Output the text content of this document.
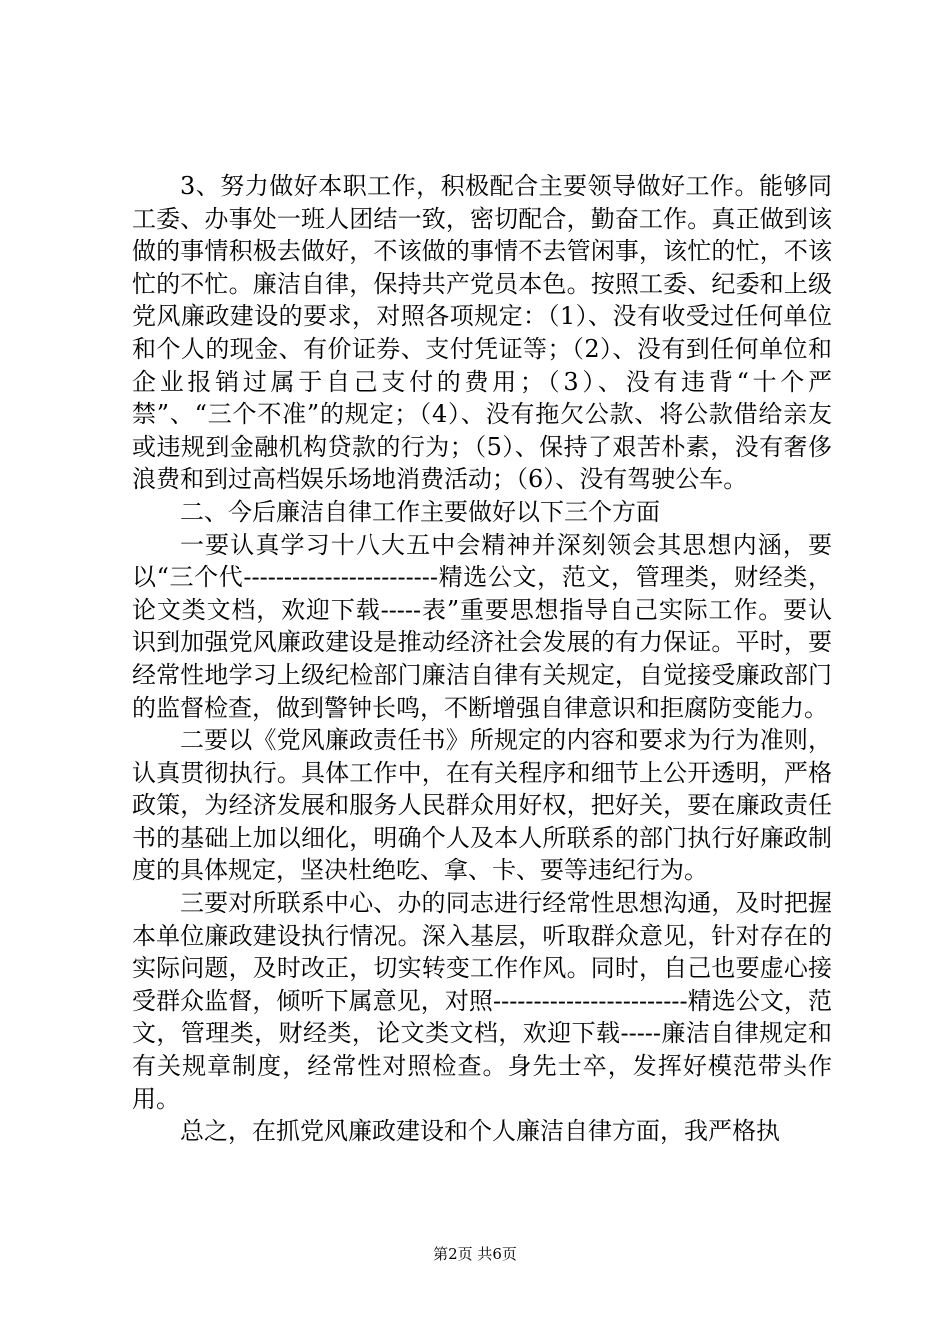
3、努力做好本职工作，积极配合主要领导做好工作。能够同工委、办事处一班人团结一致，密切配合，勤奋工作。真正做到该做的事情积极去做好，不该做的事情不去管闲事，该忙的忙，不该忙的不忙。廉洁自律，保持共产党员本色。按照工委、纪委和上级党风廉政建设的要求，对照各项规定：（1）、没有收受过任何单位和个人的现金、有价证券、支付凭证等；（2）、没有到任何单位和企业报销过属于自己支付的费用；（3）、没有违背“十个严禁”、“三个不准”的规定；（4）、没有拖欠公款、将公款借给亲友或违规到金融机构贷款的行为；（5）、保持了艰苦朴素，没有奢侈浪费和到过高档娱乐场地消费活动；（6）、没有驾驶公车。

二、今后廉洁自律工作主要做好以下三个方面

一要认真学习十八大五中会精神并深刻领会其思想内涵，要以“三个代------------------------精选公文，范文，管理类，财经类，论文类文档，欢迎下载-----表”重要思想指导自己实际工作。要认识到加强党风廉政建设是推动经济社会发展的有力保证。平时，要经常性地学习上级纪检部门廉洁自律有关规定，自觉接受廉政部门的监督检查，做到警钟长鸣，不断增强自律意识和拒腐防变能力。

二要以《党风廉政责任书》所规定的内容和要求为行为准则，认真贯彻执行。具体工作中，在有关程序和细节上公开透明，严格政策，为经济发展和服务人民群众用好权，把好关，要在廉政责任书的基础上加以细化，明确个人及本人所联系的部门执行好廉政制度的具体规定，坚决杜绝吃、拿、卡、要等违纪行为。

三要对所联系中心、办的同志进行经常性思想沟通，及时把握本单位廉政建设执行情况。深入基层，听取群众意见，针对存在的实际问题，及时改正，切实转变工作作风。同时，自己也要虚心接受群众监督，倾听下属意见，对照------------------------精选公文，范文，管理类，财经类，论文类文档，欢迎下载-----廉洁自律规定和有关规章制度，经常性对照检查。身先士卒，发挥好模范带头作用。

总之，在抓党风廉政建设和个人廉洁自律方面，我严格执

第2页 共6页
